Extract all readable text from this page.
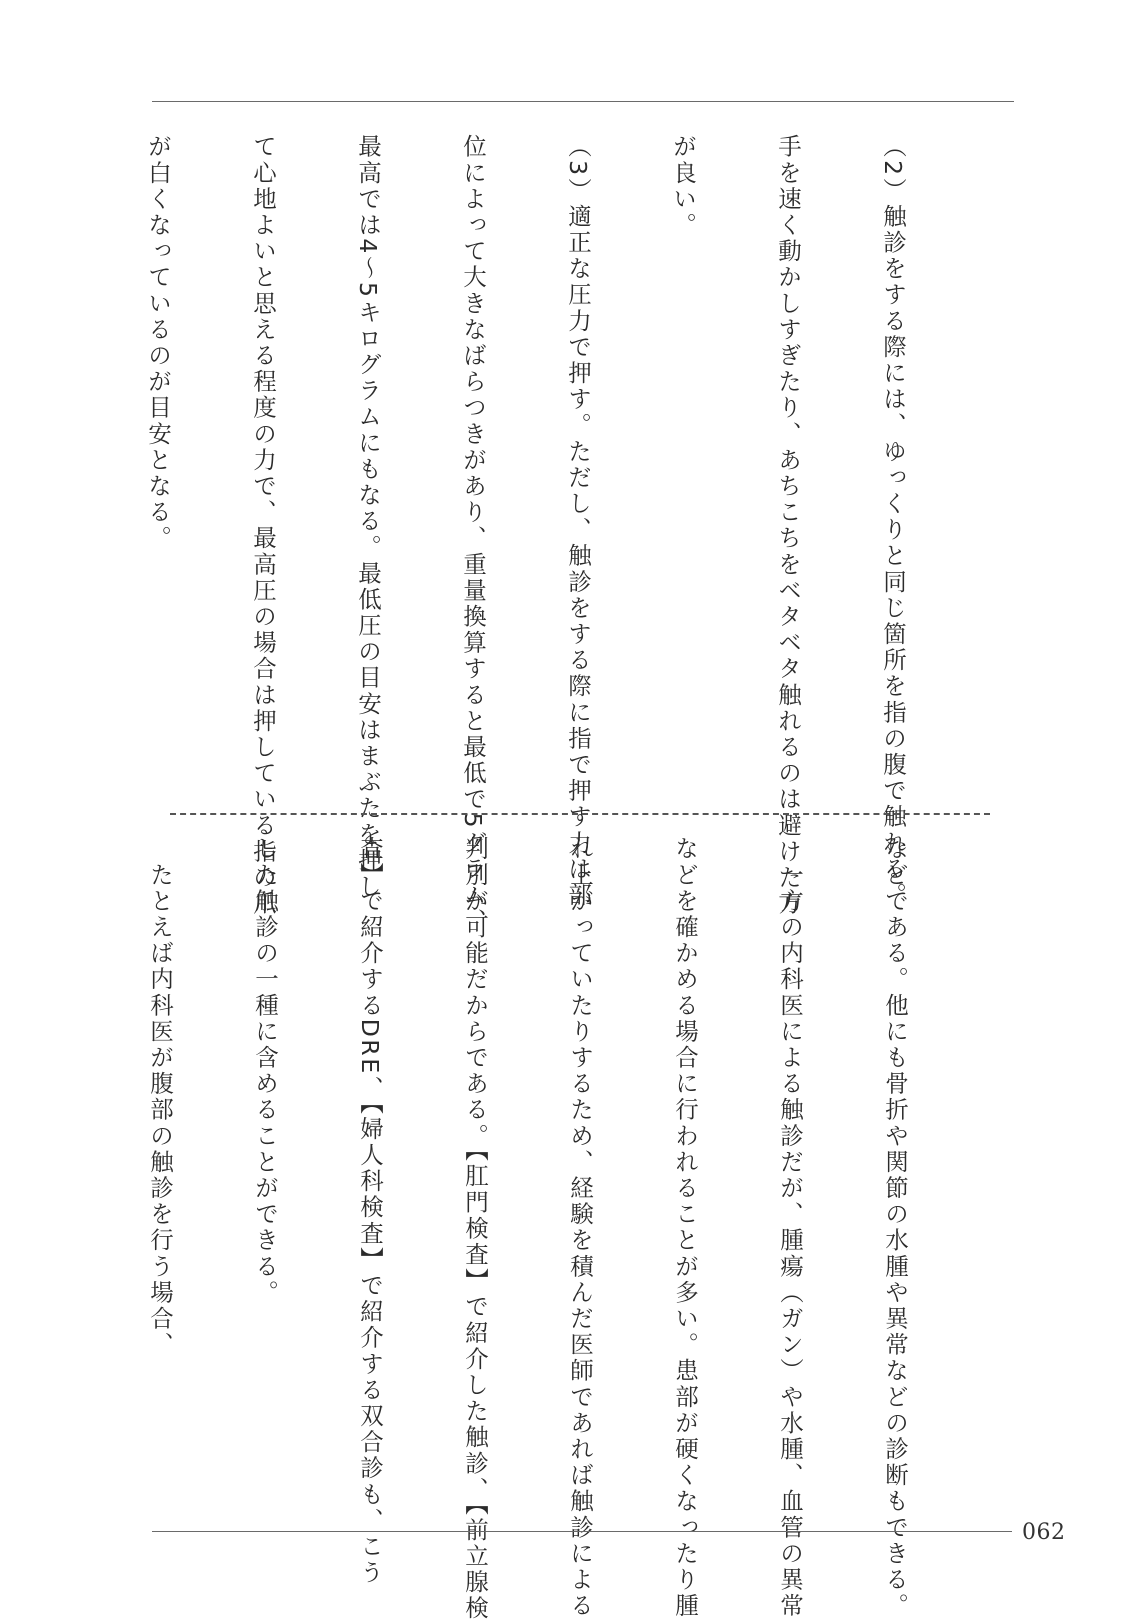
（2）触診をする際には、ゆっくりと同じ箇所を指の腹で触れる。

手を速く動かしすぎたり、あちこちをベタベタ触れるのは避けた方

が良い。

（3）適正な圧力で押す。ただし、触診をする際に指で押す力は部

位によって大きなばらつきがあり、重量換算すると最低で5グラム、

最高では4～5キログラムにもなる。最低圧の目安はまぶたを押し

て心地よいと思える程度の力で、最高圧の場合は押している指の爪

が白くなっているのが目安となる。

などである。他にも骨折や関節の水腫や異常などの診断もできる。

　一方の内科医による触診だが、腫瘍（ガン）や水腫、血管の異常

などを確かめる場合に行われることが多い。患部が硬くなったり腫

れ上がっていたりするため、経験を積んだ医師であれば触診による

判別が可能だからである。【肛門検査】で紹介した触診、【前立腺検

査】で紹介するDRE、【婦人科検査】で紹介する双合診も、こう

した触診の一種に含めることができる。

　たとえば内科医が腹部の触診を行う場合、

062
